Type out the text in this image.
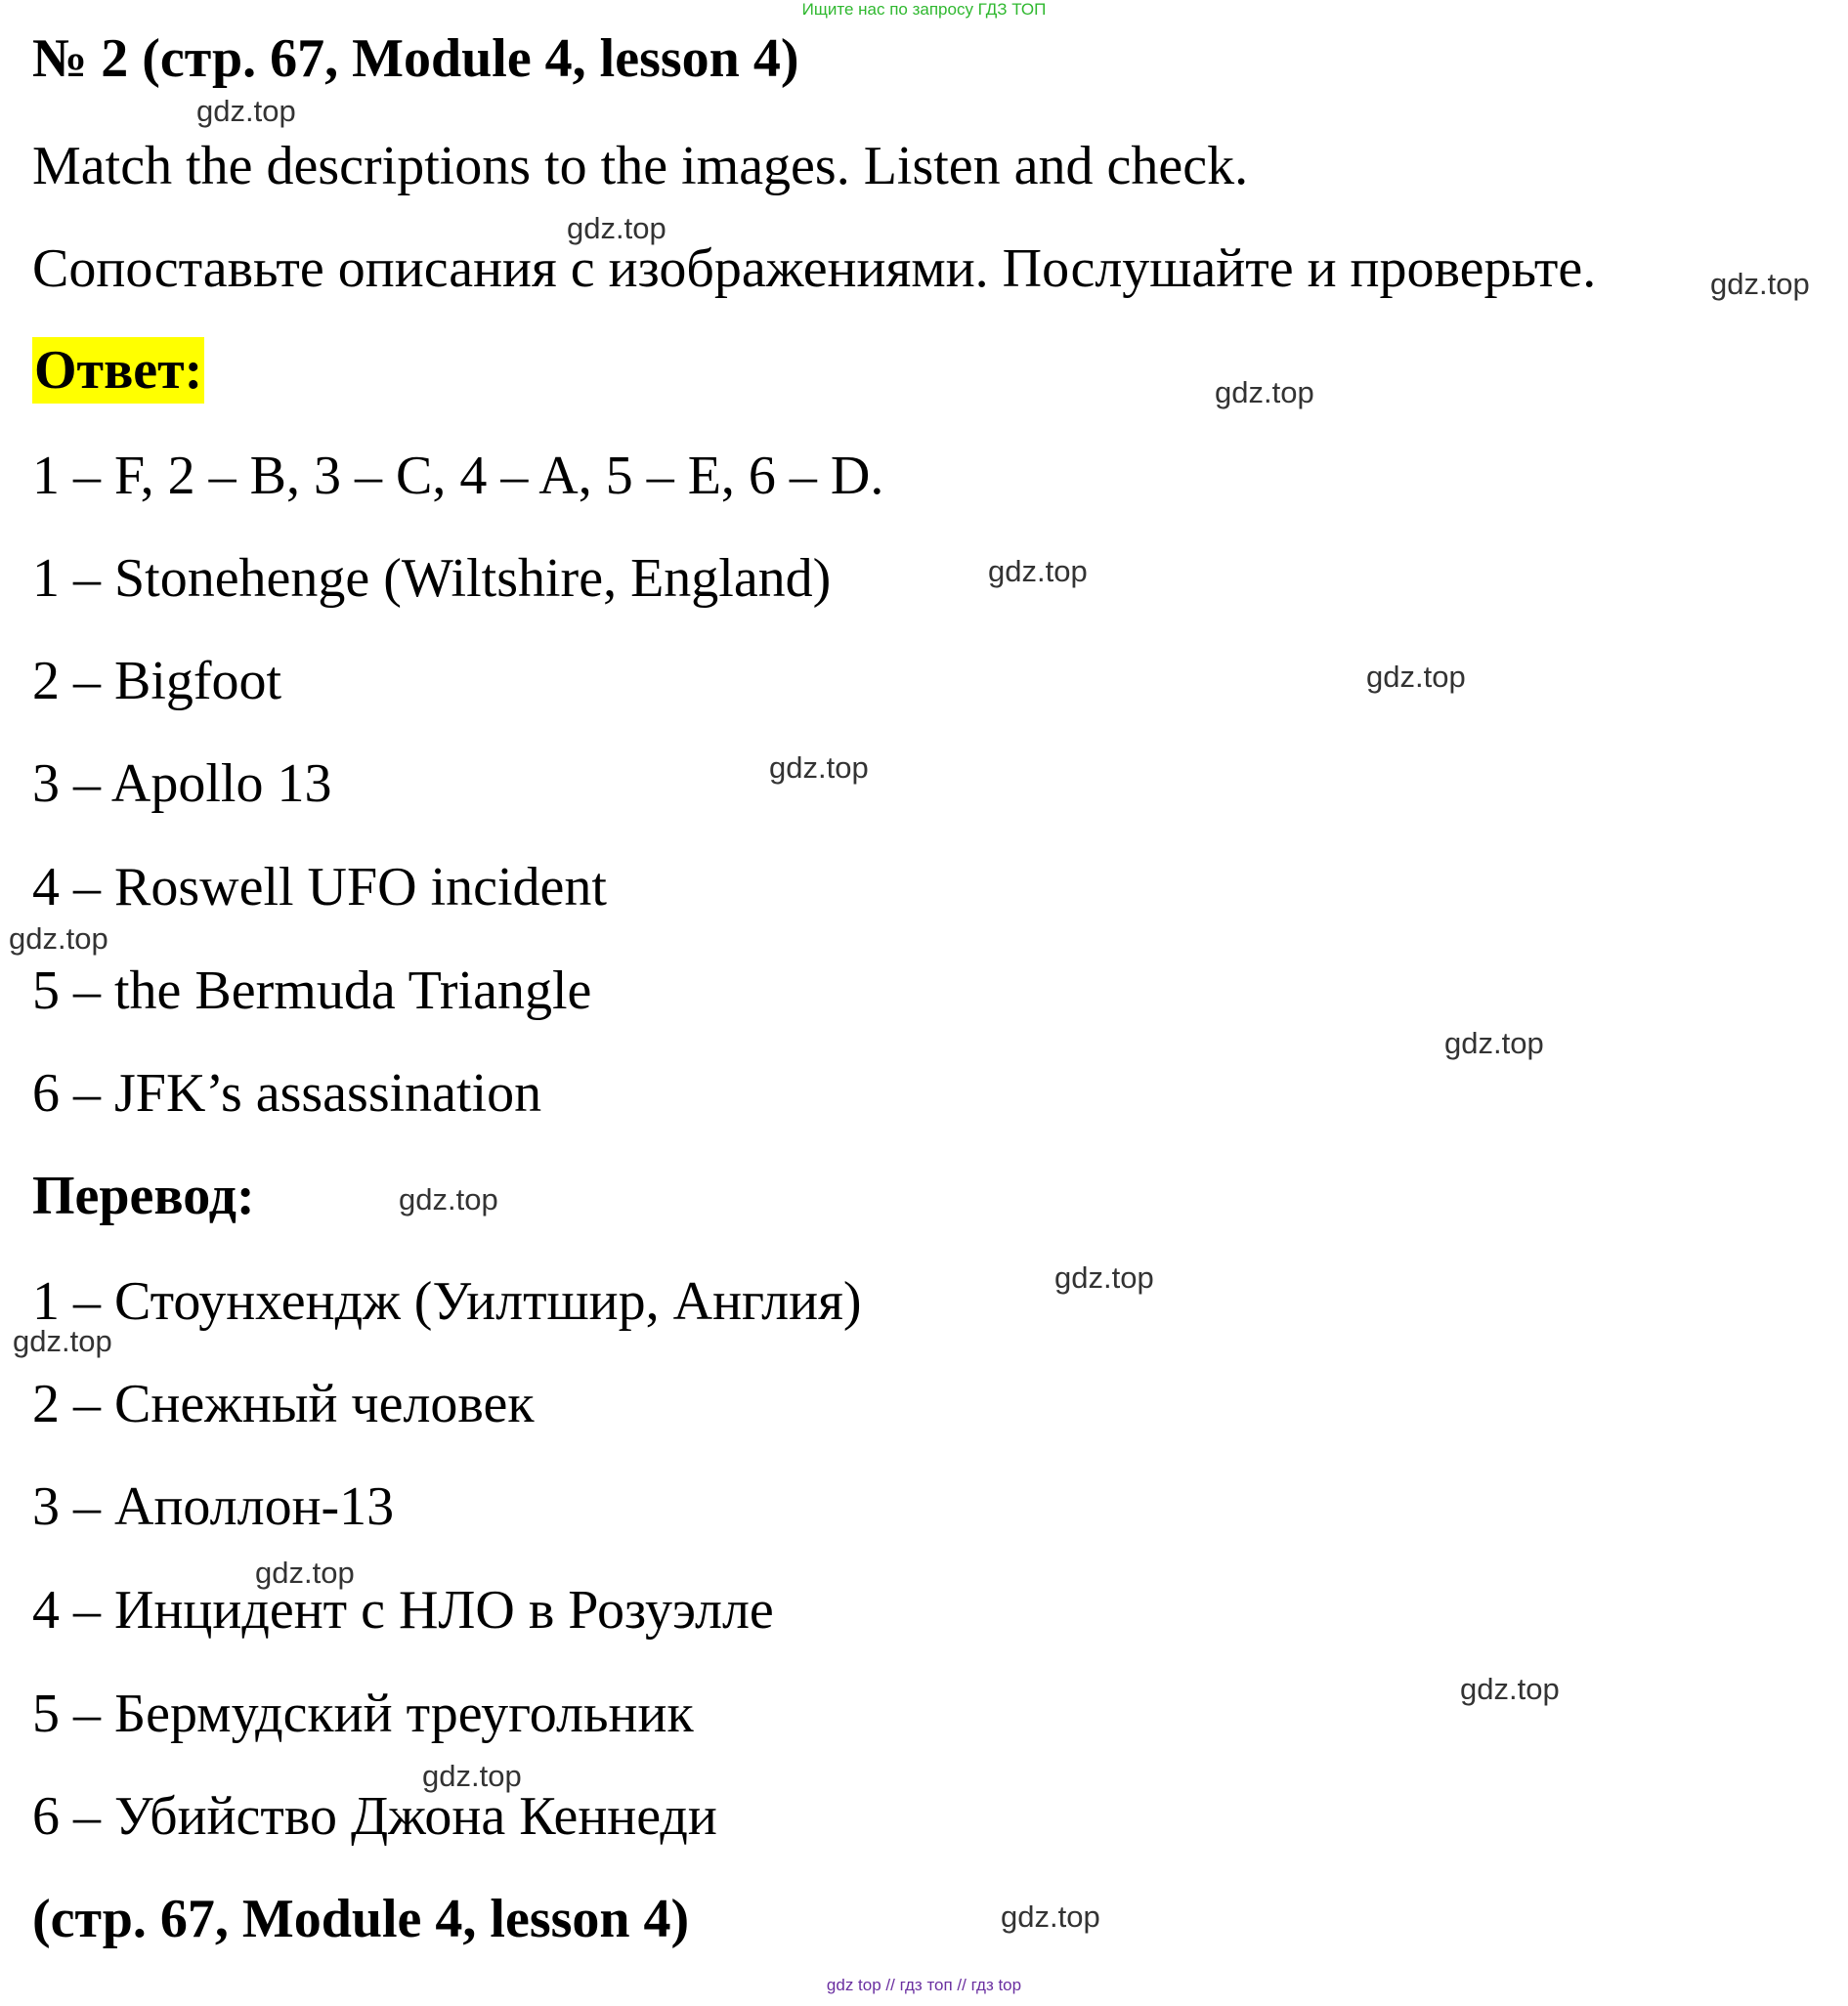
Ищите нас по запросу ГДЗ ТОП
№ 2 (стр. 67, Module 4, lesson 4)
Match the descriptions to the images. Listen and check.
Сопоставьте описания с изображениями. Послушайте и проверьте.
Ответ:
1 – F, 2 – B, 3 – C, 4 – A, 5 – E, 6 – D.
1 – Stonehenge (Wiltshire, England)
2 – Bigfoot
3 – Apollo 13
4 – Roswell UFO incident
5 – the Bermuda Triangle
6 – JFK’s assassination
Перевод:
1 – Стоунхендж (Уилтшир, Англия)
2 – Снежный человек
3 – Аполлон-13
4 – Инцидент с НЛО в Розуэлле
5 – Бермудский треугольник
6 – Убийство Джона Кеннеди
(стр. 67, Module 4, lesson 4)
gdz.top
gdz.top
gdz.top
gdz.top
gdz.top
gdz.top
gdz.top
gdz.top
gdz.top
gdz.top
gdz.top
gdz.top
gdz.top
gdz.top
gdz.top
gdz.top
gdz top // гдз топ // гдз top
